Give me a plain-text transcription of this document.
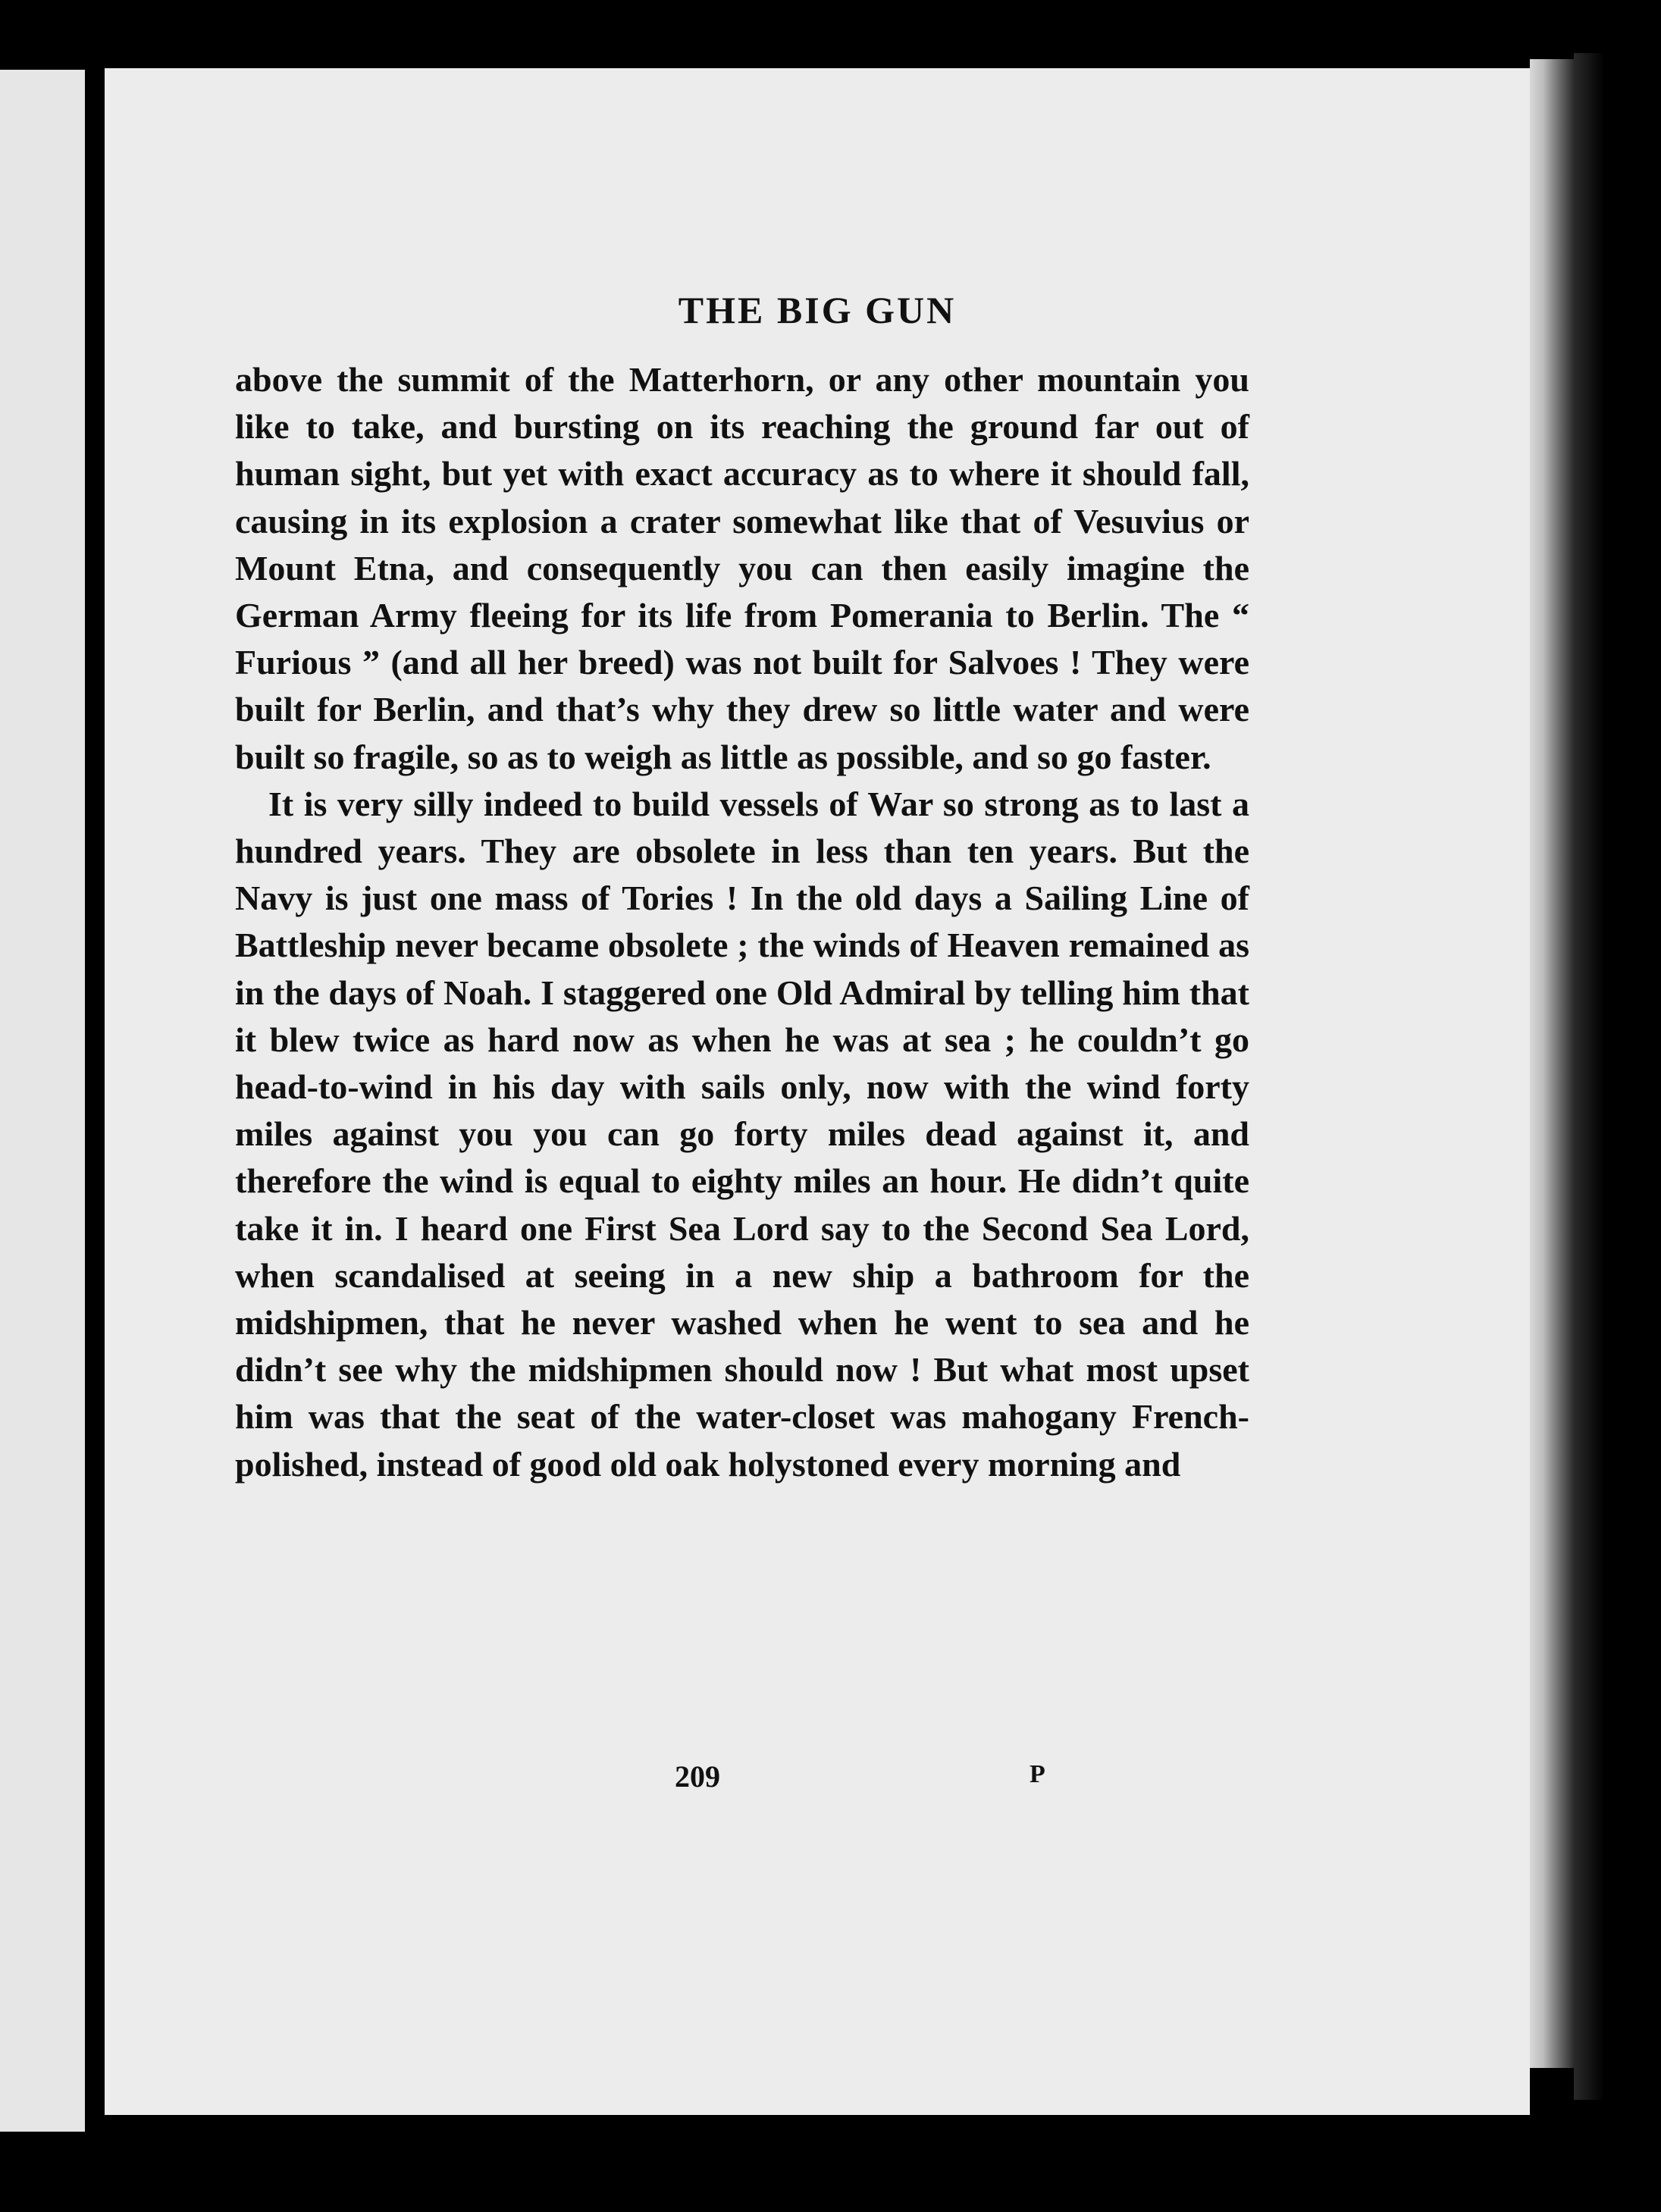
THE BIG GUN

above the summit of the Matterhorn, or any other mountain you like to take, and bursting on its reaching the ground far out of human sight, but yet with exact accuracy as to where it should fall, causing in its explosion a crater somewhat like that of Vesuvius or Mount Etna, and consequently you can then easily imagine the German Army fleeing for its life from Pomerania to Berlin. The “ Furious ” (and all her breed) was not built for Salvoes ! They were built for Berlin, and that’s why they drew so little water and were built so fragile, so as to weigh as little as possible, and so go faster.

It is very silly indeed to build vessels of War so strong as to last a hundred years. They are obsolete in less than ten years. But the Navy is just one mass of Tories ! In the old days a Sailing Line of Battleship never became obsolete ; the winds of Heaven remained as in the days of Noah. I staggered one Old Admiral by telling him that it blew twice as hard now as when he was at sea ; he couldn’t go head-to-wind in his day with sails only, now with the wind forty miles against you you can go forty miles dead against it, and therefore the wind is equal to eighty miles an hour. He didn’t quite take it in. I heard one First Sea Lord say to the Second Sea Lord, when scandalised at seeing in a new ship a bathroom for the midshipmen, that he never washed when he went to sea and he didn’t see why the midshipmen should now ! But what most upset him was that the seat of the water-closet was mahogany French-polished, instead of good old oak holystoned every morning and

209	P
